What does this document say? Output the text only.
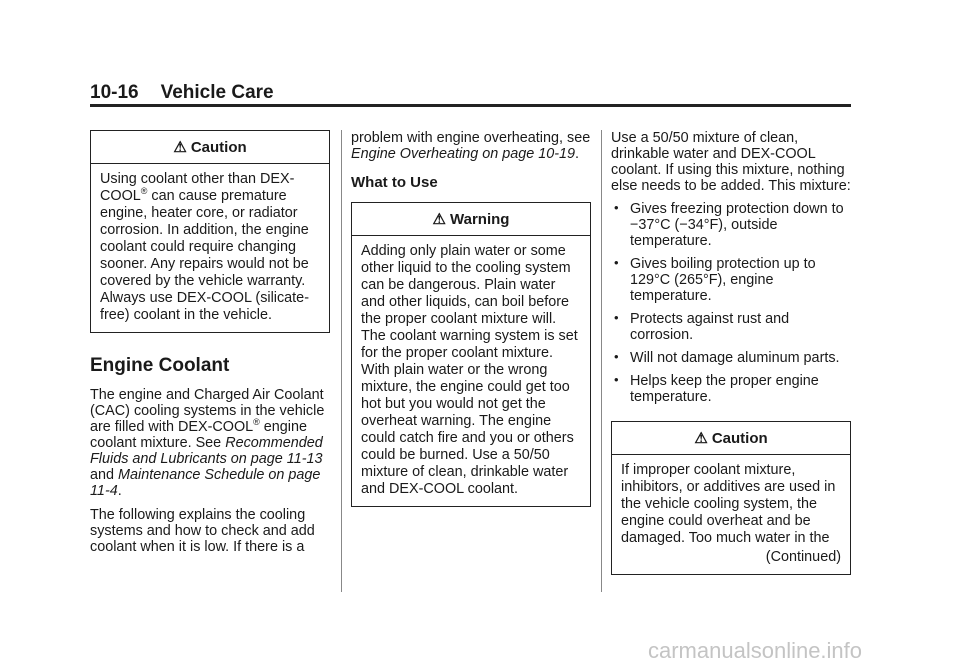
10-16 Vehicle Care
⚠ Caution
Using coolant other than DEX-COOL® can cause premature engine, heater core, or radiator corrosion. In addition, the engine coolant could require changing sooner. Any repairs would not be covered by the vehicle warranty. Always use DEX-COOL (silicate-free) coolant in the vehicle.
Engine Coolant

The engine and Charged Air Coolant (CAC) cooling systems in the vehicle are filled with DEX-COOL® engine coolant mixture. See Recommended Fluids and Lubricants on page 11-13 and Maintenance Schedule on page 11-4.

The following explains the cooling systems and how to check and add coolant when it is low. If there is a

problem with engine overheating, see Engine Overheating on page 10-19.

What to Use
⚠ Warning
Adding only plain water or some other liquid to the cooling system can be dangerous. Plain water and other liquids, can boil before the proper coolant mixture will. The coolant warning system is set for the proper coolant mixture. With plain water or the wrong mixture, the engine could get too hot but you would not get the overheat warning. The engine could catch fire and you or others could be burned. Use a 50/50 mixture of clean, drinkable water and DEX-COOL coolant.

Use a 50/50 mixture of clean, drinkable water and DEX-COOL coolant. If using this mixture, nothing else needs to be added. This mixture:

• Gives freezing protection down to −37°C (−34°F), outside temperature.
• Gives boiling protection up to 129°C (265°F), engine temperature.
• Protects against rust and corrosion.
• Will not damage aluminum parts.
• Helps keep the proper engine temperature.
⚠ Caution
If improper coolant mixture, inhibitors, or additives are used in the vehicle cooling system, the engine could overheat and be damaged. Too much water in the
(Continued)
carmanualsonline.info
